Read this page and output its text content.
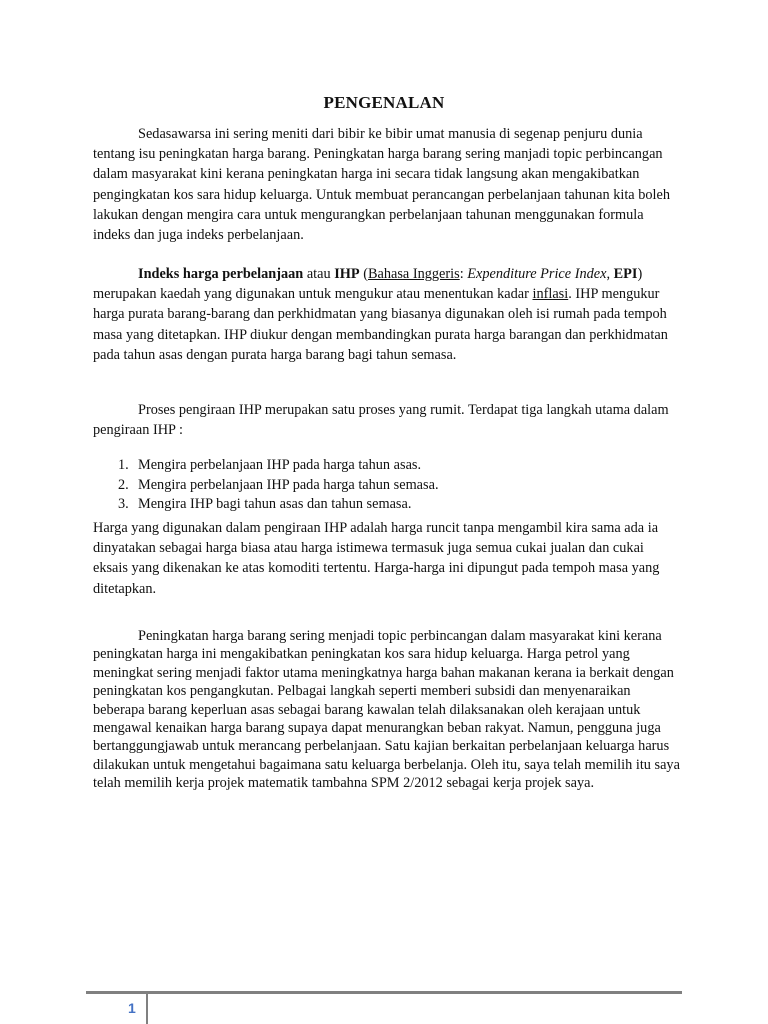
PENGENALAN

Sedasawarsa ini sering meniti dari bibir ke bibir umat manusia di segenap penjuru dunia tentang isu peningkatan harga barang. Peningkatan harga barang sering manjadi topic perbincangan dalam masyarakat kini kerana peningkatan harga ini secara tidak langsung akan mengakibatkan pengingkatan kos sara hidup keluarga. Untuk membuat perancangan perbelanjaan tahunan kita boleh lakukan dengan mengira cara untuk mengurangkan perbelanjaan tahunan menggunakan formula indeks dan juga indeks perbelanjaan.

Indeks harga perbelanjaan atau IHP (Bahasa Inggeris: Expenditure Price Index, EPI) merupakan kaedah yang digunakan untuk mengukur atau menentukan kadar inflasi. IHP mengukur harga purata barang-barang dan perkhidmatan yang biasanya digunakan oleh isi rumah pada tempoh masa yang ditetapkan. IHP diukur dengan membandingkan purata harga barangan dan perkhidmatan pada tahun asas dengan purata harga barang bagi tahun semasa.

Proses pengiraan IHP merupakan satu proses yang rumit. Terdapat tiga langkah utama dalam pengiraan IHP :

1. Mengira perbelanjaan IHP pada harga tahun asas.
2. Mengira perbelanjaan IHP pada harga tahun semasa.
3. Mengira IHP bagi tahun asas dan tahun semasa.

Harga yang digunakan dalam pengiraan IHP adalah harga runcit tanpa mengambil kira sama ada ia dinyatakan sebagai harga biasa atau harga istimewa termasuk juga semua cukai jualan dan cukai eksais yang dikenakan ke atas komoditi tertentu. Harga-harga ini dipungut pada tempoh masa yang ditetapkan.

Peningkatan harga barang sering menjadi topic perbincangan dalam masyarakat kini kerana peningkatan harga ini mengakibatkan peningkatan kos sara hidup keluarga. Harga petrol yang meningkat sering menjadi faktor utama meningkatnya harga bahan makanan kerana ia berkait dengan peningkatan kos pengangkutan. Pelbagai langkah seperti memberi subsidi dan menyenaraikan beberapa barang keperluan asas sebagai barang kawalan telah dilaksanakan oleh kerajaan untuk mengawal kenaikan harga barang supaya dapat menurangkan beban rakyat. Namun, pengguna juga bertanggungjawab untuk merancang perbelanjaan. Satu kajian berkaitan perbelanjaan keluarga harus dilakukan untuk mengetahui bagaimana satu keluarga berbelanja. Oleh itu, saya telah memilih itu saya telah memilih kerja projek matematik tambahna SPM 2/2012 sebagai kerja projek saya.

1
